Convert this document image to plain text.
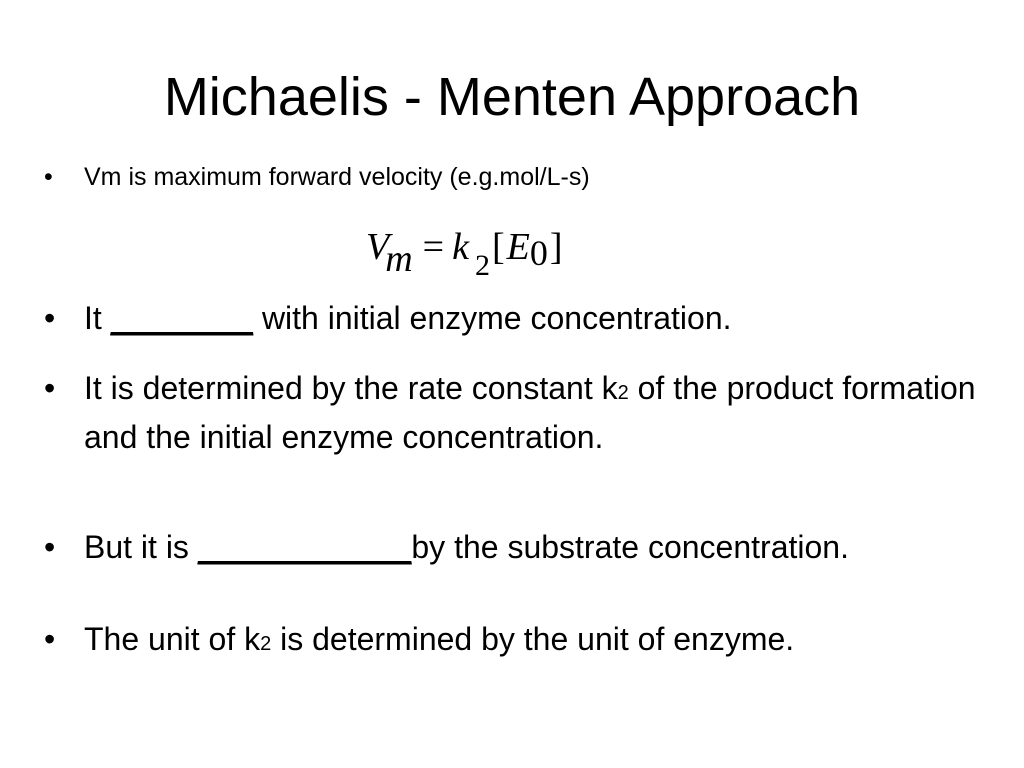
Michaelis - Menten Approach
• Vm is maximum forward velocity (e.g.mol/L-s)
• It ________ with initial enzyme concentration.
• It is determined by the rate constant k2 of the product formation and the initial enzyme concentration.
• But it is ____________by the substrate concentration.
• The unit of k2 is determined by the unit of enzyme.
Vm = k $_2$[E0]
